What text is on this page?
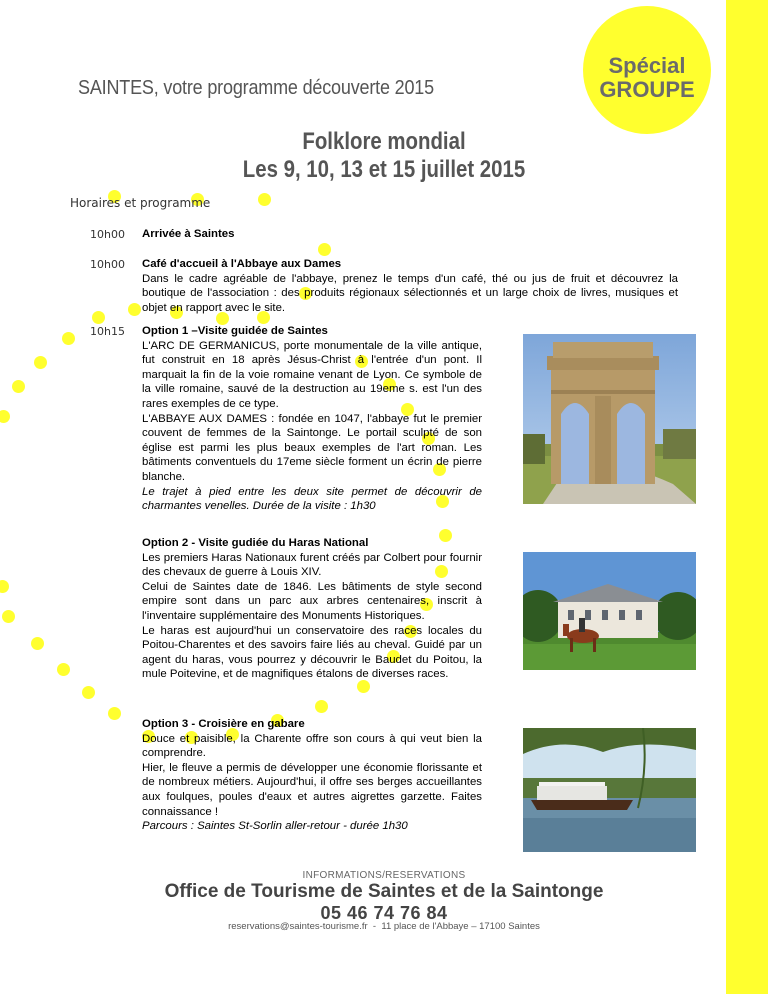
Spécial
GROUPE
SAINTES, votre programme découverte 2015
Folklore mondial
Les 9, 10, 13 et 15 juillet 2015
Horaires et programme
10h00 Arrivée à Saintes
10h00 Café d'accueil à l'Abbaye aux Dames

Dans le cadre agréable de l'abbaye, prenez le temps d'un café, thé ou jus de fruit et découvrez la boutique de l'association : des produits régionaux sélectionnés et un large choix de livres, musiques et objet en rapport avec le site.

10h15 Option 1 –Visite guidée de Saintes

L'ARC DE GERMANICUS, porte monumentale de la ville antique, fut construit en 18 après Jésus-Christ à l'entrée d'un pont. Il marquait la fin de la voie romaine venant de Lyon. Ce symbole de la ville romaine, sauvé de la destruction au 19eme s. est l'un des rares exemples de ce type.

L'ABBAYE AUX DAMES : fondée en 1047, l'abbaye fut le premier couvent de femmes de la Saintonge. Le portail sculpté de son église est parmi les plus beaux exemples de l'art roman. Les bâtiments conventuels du 17eme siècle forment un écrin de pierre blanche.

Le trajet à pied entre les deux site permet de découvrir de charmantes venelles. Durée de la visite : 1h30

Option 2 - Visite gudiée du Haras National

Les premiers Haras Nationaux furent créés par Colbert pour fournir des chevaux de guerre à Louis XIV.

Celui de Saintes date de 1846. Les bâtiments de style second empire sont dans un parc aux arbres centenaires, inscrit à l'inventaire supplémentaire des Monuments Historiques.

Le haras est aujourd'hui un conservatoire des races locales du Poitou-Charentes et des savoirs faire liés au cheval. Guidé par un agent du haras, vous pourrez y découvrir le Baudet du Poitou, la mule Poitevine, et de magnifiques étalons de diverses races.

Option 3 - Croisière en gabare

Douce et paisible, la Charente offre son cours à qui veut bien la comprendre.

Hier, le fleuve a permis de développer une économie florissante et de nombreux métiers. Aujourd'hui, il offre ses berges accueillantes aux foulques, poules d'eaux et autres aigrettes garzette. Faites connaissance !

Parcours : Saintes St-Sorlin aller-retour - durée 1h30

INFORMATIONS/RESERVATIONS
Office de Tourisme de Saintes et de la Saintonge
05 46 74 76 84
reservations@saintes-tourisme.fr - 11 place de l'Abbaye – 17100 Saintes
